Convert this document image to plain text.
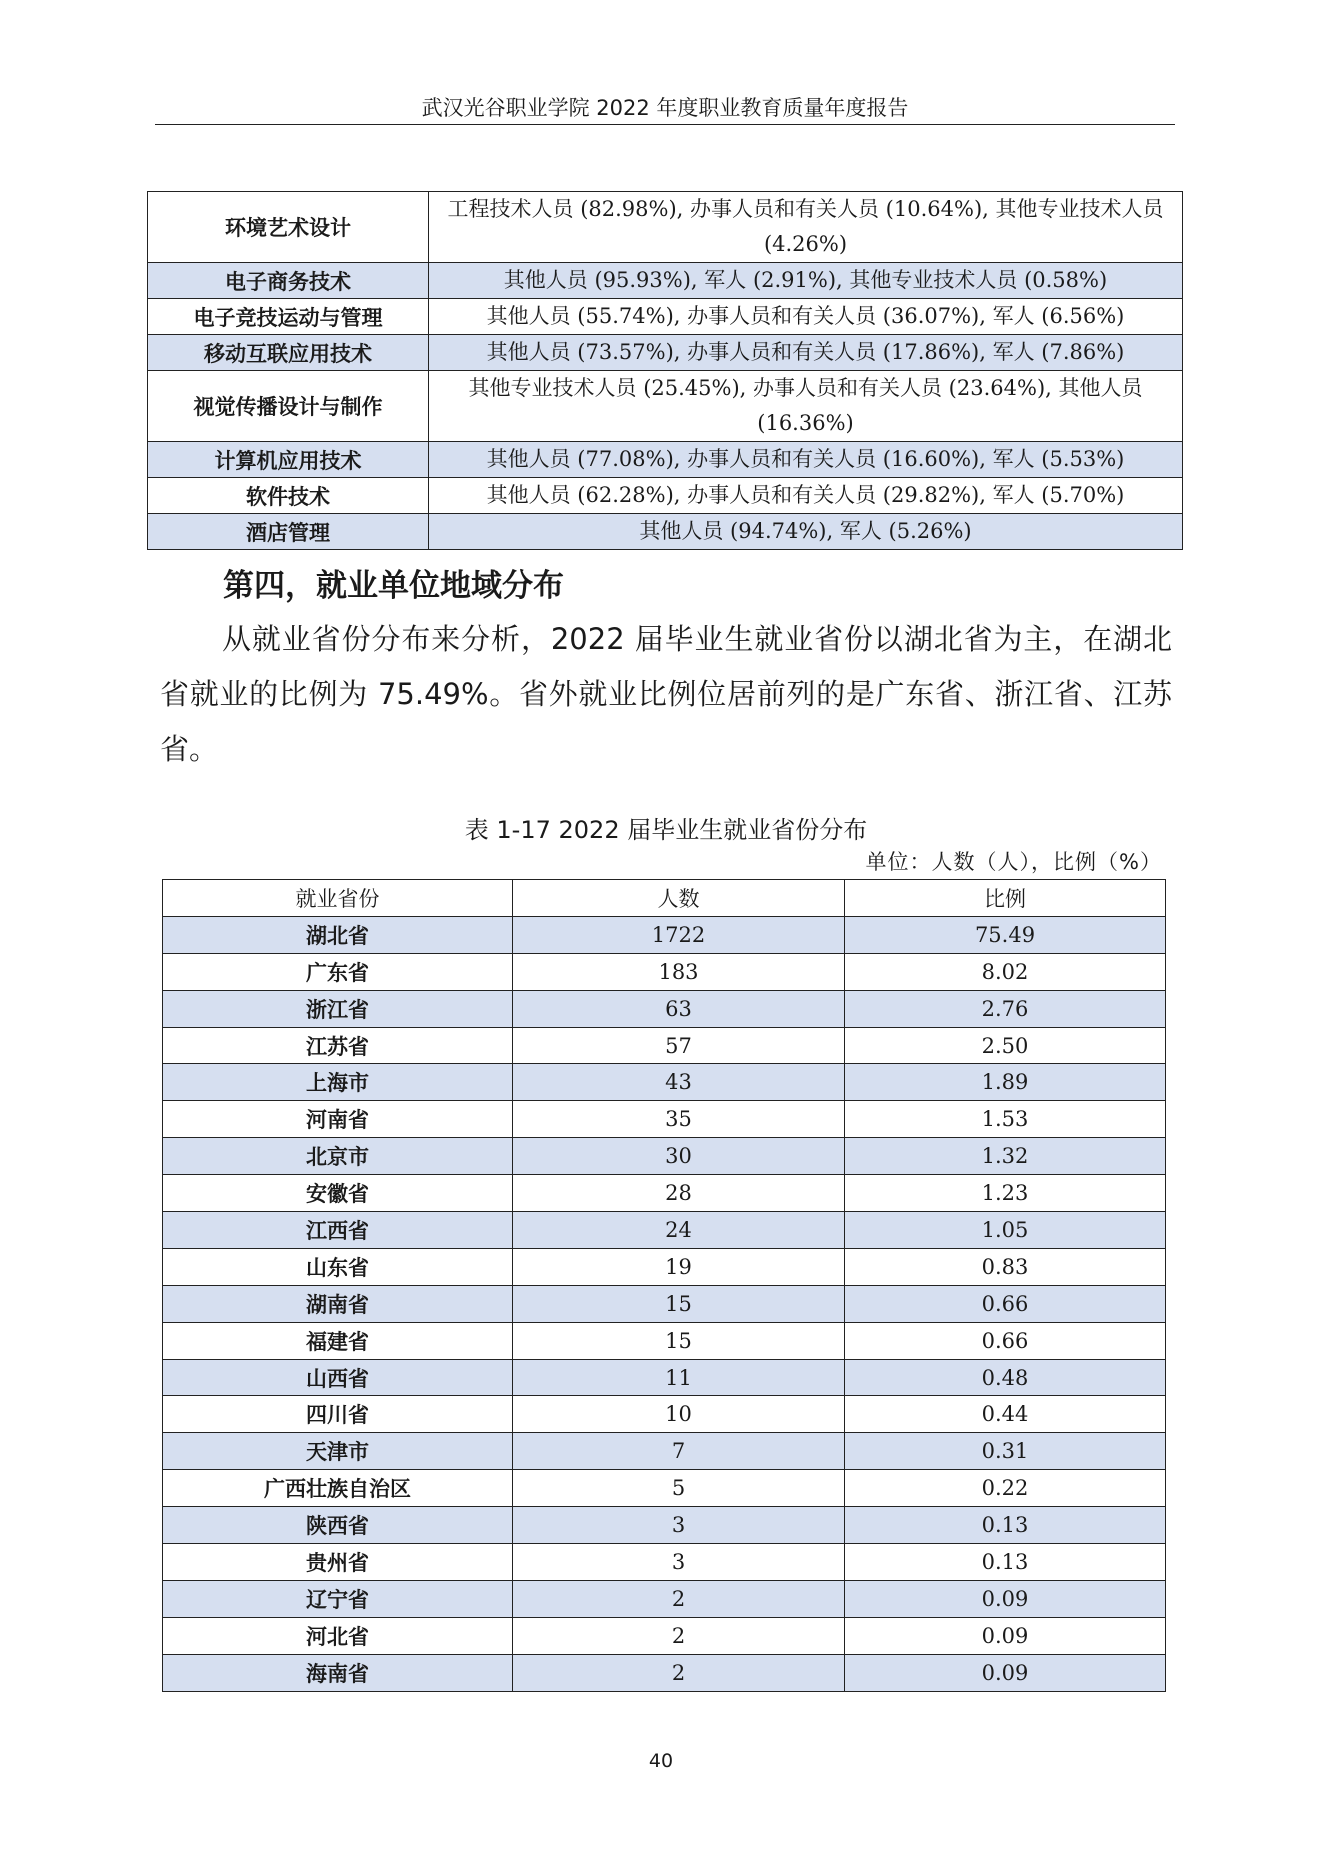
武汉光谷职业学院 2022 年度职业教育质量年度报告
环境艺术设计	工程技术人员 (82.98%), 办事人员和有关人员 (10.64%), 其他专业技术人员 (4.26%)
电子商务技术	其他人员 (95.93%), 军人 (2.91%), 其他专业技术人员 (0.58%)
电子竞技运动与管理	其他人员 (55.74%), 办事人员和有关人员 (36.07%), 军人 (6.56%)
移动互联应用技术	其他人员 (73.57%), 办事人员和有关人员 (17.86%), 军人 (7.86%)
视觉传播设计与制作	其他专业技术人员 (25.45%), 办事人员和有关人员 (23.64%), 其他人员 (16.36%)
计算机应用技术	其他人员 (77.08%), 办事人员和有关人员 (16.60%), 军人 (5.53%)
软件技术	其他人员 (62.28%), 办事人员和有关人员 (29.82%), 军人 (5.70%)
酒店管理	其他人员 (94.74%), 军人 (5.26%)
第四，就业单位地域分布
从就业省份分布来分析，2022 届毕业生就业省份以湖北省为主，在湖北省就业的比例为 75.49%。省外就业比例位居前列的是广东省、浙江省、江苏省。
表 1-17 2022 届毕业生就业省份分布
单位：人数（人），比例（%）
就业省份	人数	比例
湖北省	1722	75.49
广东省	183	8.02
浙江省	63	2.76
江苏省	57	2.50
上海市	43	1.89
河南省	35	1.53
北京市	30	1.32
安徽省	28	1.23
江西省	24	1.05
山东省	19	0.83
湖南省	15	0.66
福建省	15	0.66
山西省	11	0.48
四川省	10	0.44
天津市	7	0.31
广西壮族自治区	5	0.22
陕西省	3	0.13
贵州省	3	0.13
辽宁省	2	0.09
河北省	2	0.09
海南省	2	0.09
40
